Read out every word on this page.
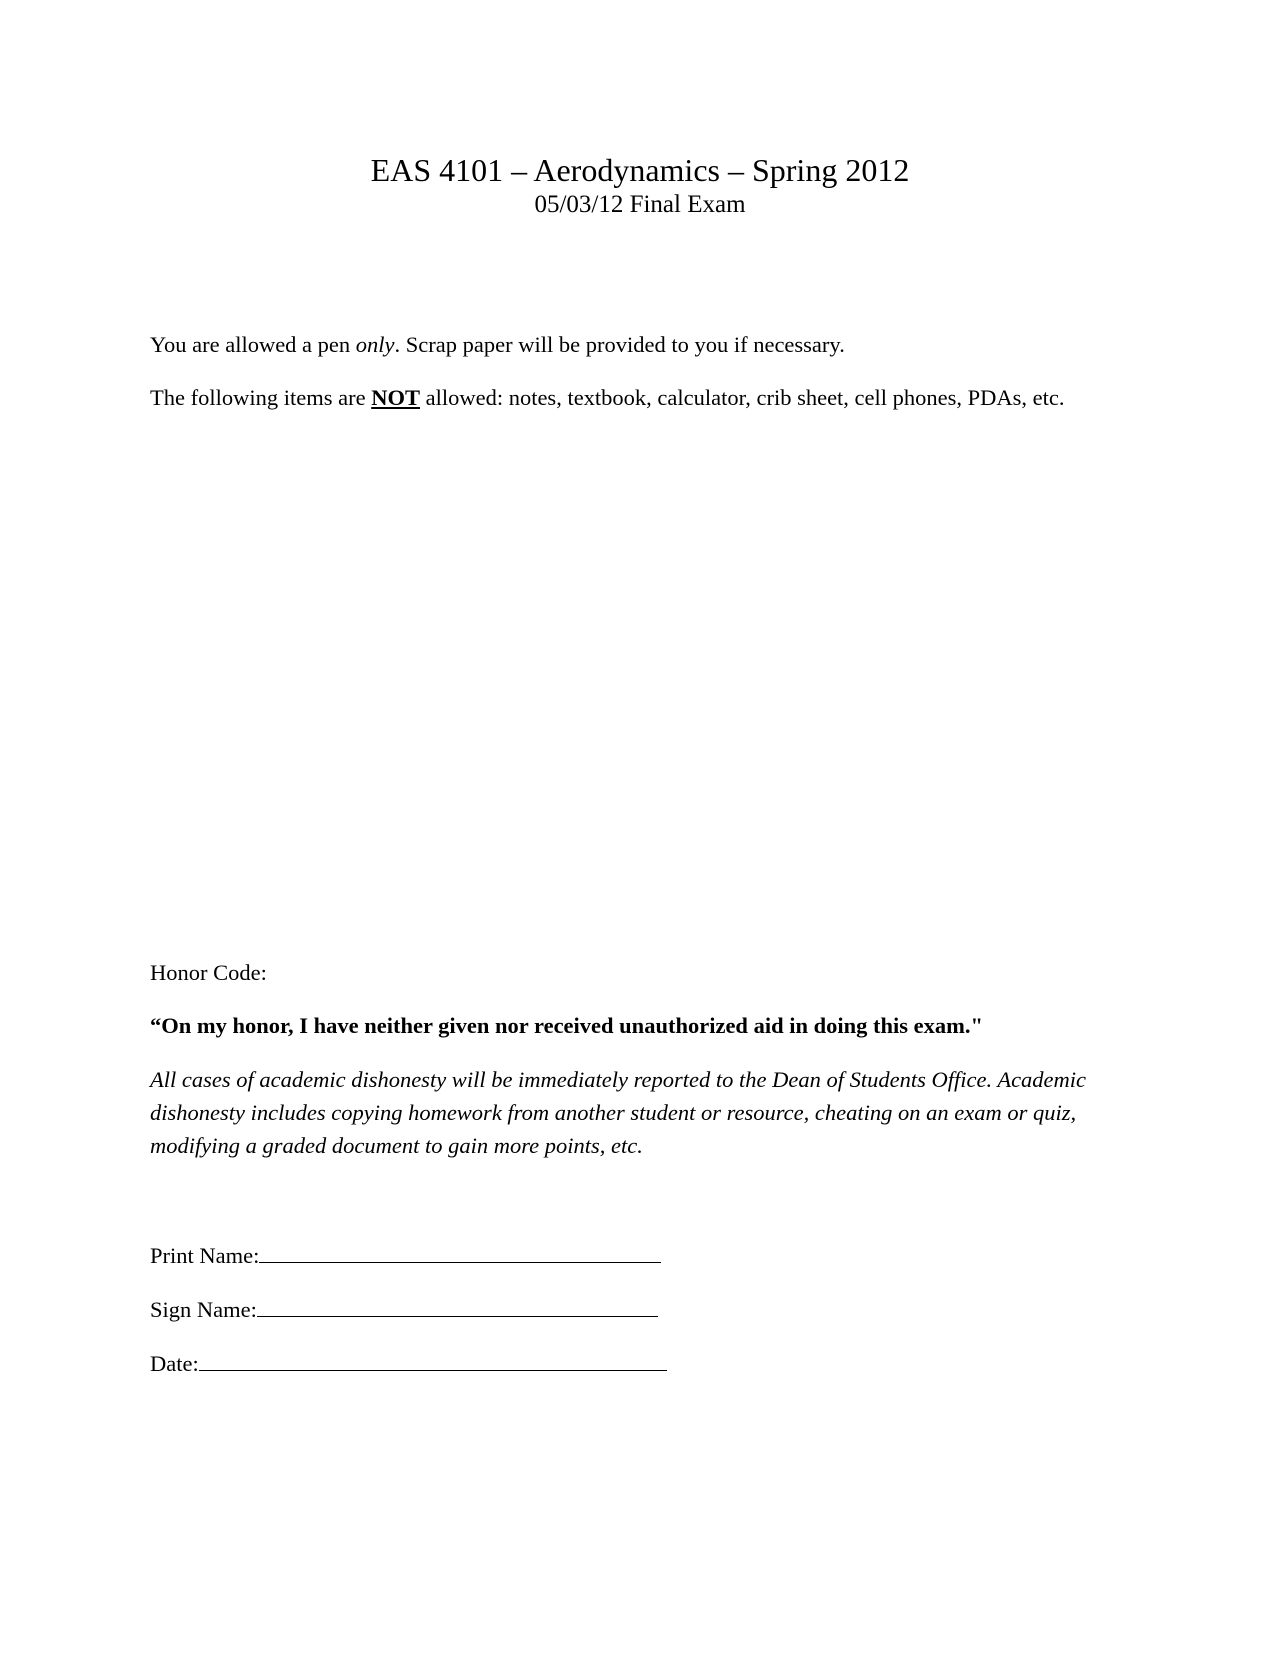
EAS 4101 – Aerodynamics – Spring 2012

05/03/12 Final Exam

You are allowed a pen only. Scrap paper will be provided to you if necessary.
The following items are NOT allowed: notes, textbook, calculator, crib sheet, cell phones, PDAs, etc.
Honor Code:
“On my honor, I have neither given nor received unauthorized aid in doing this exam."
All cases of academic dishonesty will be immediately reported to the Dean of Students Office. Academic dishonesty includes copying homework from another student or resource, cheating on an exam or quiz, modifying a graded document to gain more points, etc.
Print Name:
Sign Name:
Date:
